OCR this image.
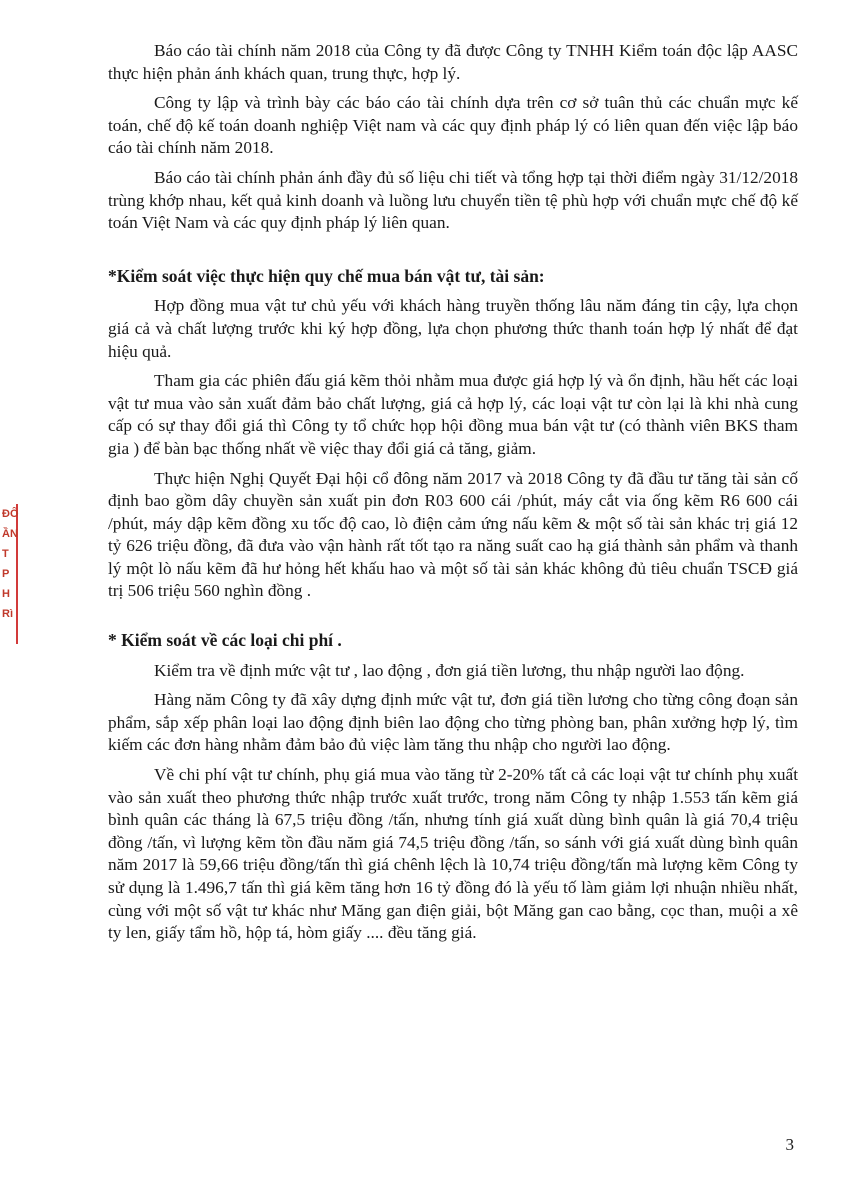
ĐÔ
ẦN
T P
H
Rì

Báo cáo tài chính năm 2018 của Công ty đã được Công ty TNHH Kiểm toán độc lập AASC thực hiện phản ánh khách quan, trung thực, hợp lý.

Công ty lập và trình bày các báo cáo tài chính dựa trên cơ sở tuân thủ các chuẩn mực kế toán, chế độ kế toán doanh nghiệp Việt nam và các quy định pháp lý có liên quan đến việc lập báo cáo tài chính năm 2018.

Báo cáo tài chính phản ánh đầy đủ số liệu chi tiết và tổng hợp tại thời điểm ngày 31/12/2018 trùng khớp nhau, kết quả kinh doanh và luồng lưu chuyển tiền tệ phù hợp với chuẩn mực chế độ kế toán Việt Nam và các quy định pháp lý liên quan.

*Kiểm soát việc thực hiện quy chế mua bán vật tư, tài sản:

Hợp đồng mua vật tư chủ yếu với khách hàng truyền thống lâu năm đáng tin cậy, lựa chọn giá cả và chất lượng trước khi ký hợp đồng, lựa chọn phương thức thanh toán hợp lý nhất để đạt hiệu quả.

Tham gia các phiên đấu giá kẽm thỏi nhằm mua được giá hợp lý và ổn định, hầu hết các loại vật tư mua vào sản xuất đảm bảo chất lượng, giá cả hợp lý, các loại vật tư còn lại là khi nhà cung cấp có sự thay đổi giá thì Công ty tổ chức họp hội đồng mua bán vật tư (có thành viên BKS tham gia ) để bàn bạc thống nhất về việc thay đổi giá cả tăng, giảm.

Thực hiện Nghị Quyết Đại hội cổ đông năm 2017 và 2018 Công ty đã đầu tư tăng tài sản cố định bao gồm dây chuyền sản xuất pin đơn R03 600 cái /phút, máy cắt via ống kẽm R6 600 cái /phút, máy dập kẽm đồng xu tốc độ cao, lò điện cảm ứng nấu kẽm & một số tài sản khác trị giá 12 tỷ 626 triệu đồng, đã đưa vào vận hành rất tốt tạo ra năng suất cao hạ giá thành sản phẩm và thanh lý một lò nấu kẽm đã hư hỏng hết khấu hao và một số tài sản khác không đủ tiêu chuẩn TSCĐ giá trị 506 triệu 560 nghìn đồng .

* Kiểm soát về các loại chi phí .

Kiểm tra về định mức vật tư , lao động , đơn giá tiền lương, thu nhập người lao động.

Hàng năm Công ty đã xây dựng định mức vật tư, đơn giá tiền lương cho từng công đoạn sản phẩm, sắp xếp phân loại lao động định biên lao động cho từng phòng ban, phân xưởng hợp lý, tìm kiếm các đơn hàng nhằm đảm bảo đủ việc làm tăng thu nhập cho người lao động.

Về chi phí vật tư chính, phụ giá mua vào tăng từ 2-20% tất cả các loại vật tư chính phụ xuất vào sản xuất theo phương thức nhập trước xuất trước, trong năm Công ty nhập 1.553 tấn kẽm giá bình quân các tháng là 67,5 triệu đồng /tấn, nhưng tính giá xuất dùng bình quân là giá 70,4 triệu đồng /tấn, vì lượng kẽm tồn đầu năm giá 74,5 triệu đồng /tấn, so sánh với giá xuất dùng bình quân năm 2017 là 59,66 triệu đồng/tấn thì giá chênh lệch là 10,74 triệu đồng/tấn mà lượng kẽm Công ty sử dụng là 1.496,7 tấn thì giá kẽm tăng hơn 16 tỷ đồng đó là yếu tố làm giảm lợi nhuận nhiều nhất, cùng với một số vật tư khác như Măng gan điện giải, bột Măng gan cao bằng, cọc than, muội a xê ty len, giấy tẩm hồ, hộp tá, hòm giấy .... đều tăng giá.

3
